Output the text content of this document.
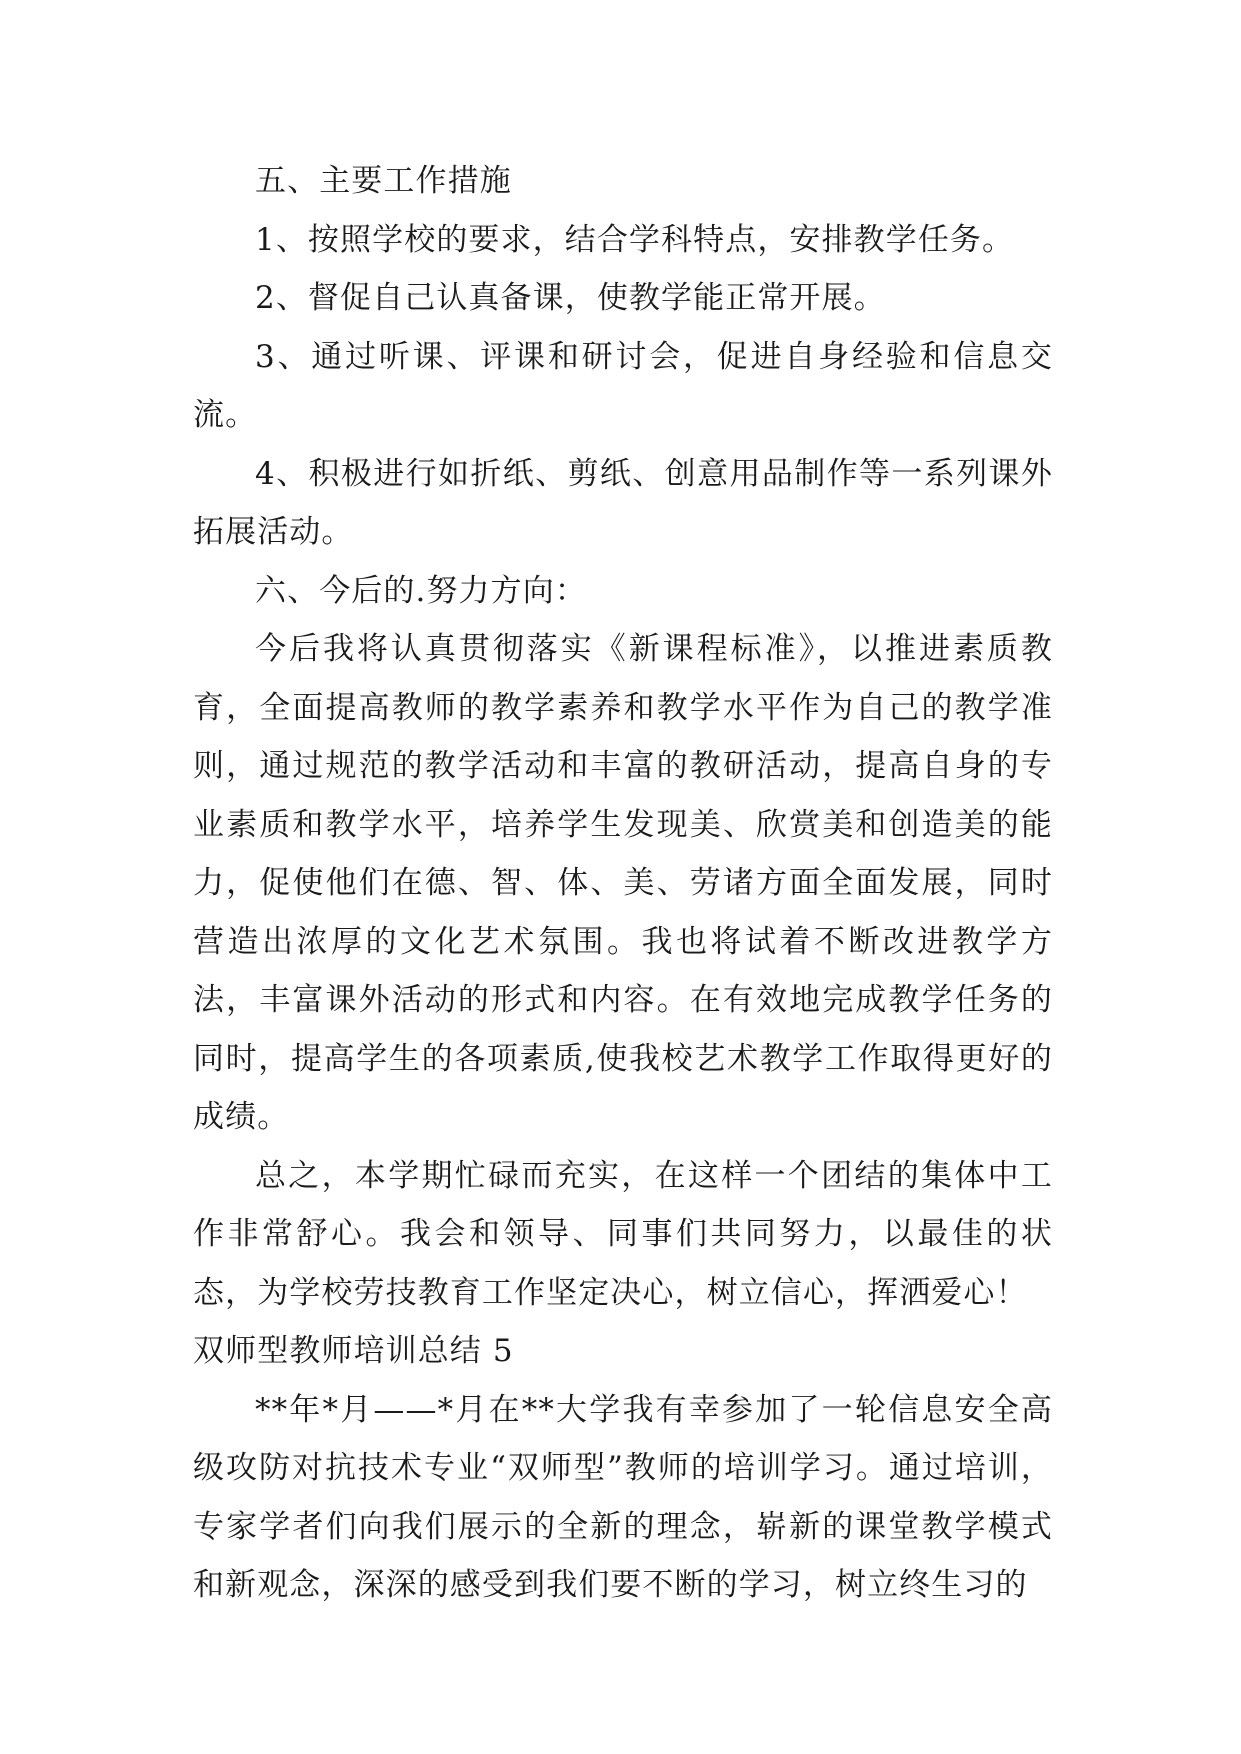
五、主要工作措施

1、按照学校的要求，结合学科特点，安排教学任务。

2、督促自己认真备课，使教学能正常开展。

3、通过听课、评课和研讨会，促进自身经验和信息交流。

4、积极进行如折纸、剪纸、创意用品制作等一系列课外拓展活动。

六、今后的.努力方向：

今后我将认真贯彻落实《新课程标准》，以推进素质教育，全面提高教师的教学素养和教学水平作为自己的教学准则，通过规范的教学活动和丰富的教研活动，提高自身的专业素质和教学水平，培养学生发现美、欣赏美和创造美的能力，促使他们在德、智、体、美、劳诸方面全面发展，同时营造出浓厚的文化艺术氛围。我也将试着不断改进教学方法，丰富课外活动的形式和内容。在有效地完成教学任务的同时，提高学生的各项素质,使我校艺术教学工作取得更好的成绩。

总之，本学期忙碌而充实，在这样一个团结的集体中工作非常舒心。我会和领导、同事们共同努力，以最佳的状态，为学校劳技教育工作坚定决心，树立信心，挥洒爱心！

双师型教师培训总结 5

**年*月——*月在**大学我有幸参加了一轮信息安全高级攻防对抗技术专业“双师型”教师的培训学习。通过培训，专家学者们向我们展示的全新的理念，崭新的课堂教学模式和新观念，深深的感受到我们要不断的学习，树立终生习的
